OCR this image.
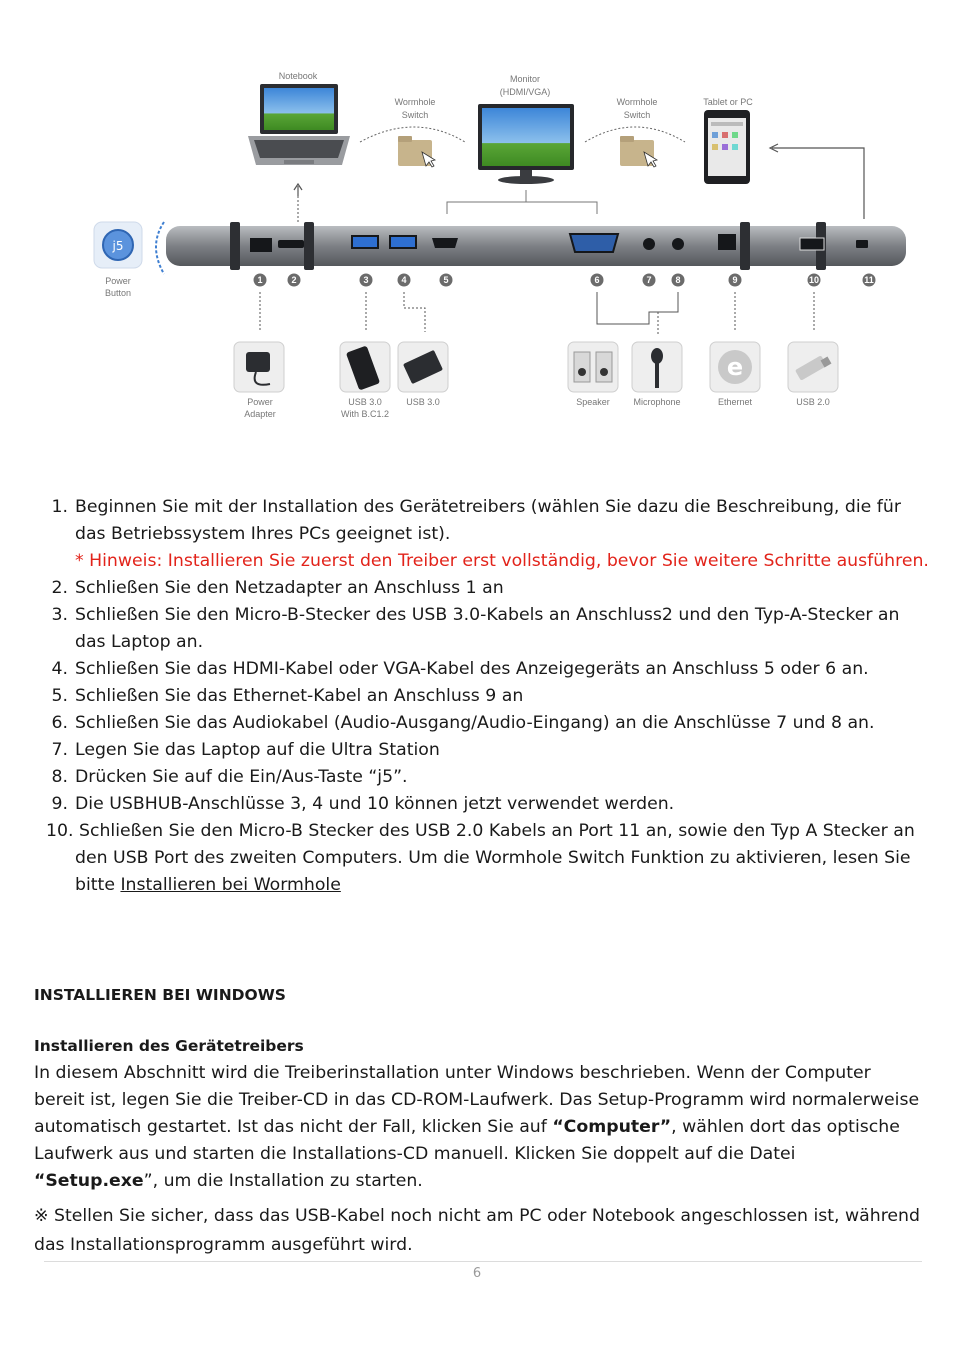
Notebook
Wormhole
Switch
Monitor
(HDMI/VGA)
Wormhole
Switch
Tablet or PC
j5
Power
Button
1	2	3	4	5	6	7	8	9	10	11
e
Power
Adapter
USB 3.0
With B.C1.2
USB 3.0	Speaker	Microphone	Ethernet	USB 2.0
1. Beginnen Sie mit der Installation des Gerätetreibers (wählen Sie dazu die Beschreibung, die für das Betriebssystem Ihres PCs geeignet ist).
* Hinweis: Installieren Sie zuerst den Treiber erst vollständig, bevor Sie weitere Schritte ausführen.
2. Schließen Sie den Netzadapter an Anschluss 1 an
3. Schließen Sie den Micro-B-Stecker des USB 3.0-Kabels an Anschluss2 und den Typ-A-Stecker an das Laptop an.
4. Schließen Sie das HDMI-Kabel oder VGA-Kabel des Anzeigegeräts an Anschluss 5 oder 6 an.
5. Schließen Sie das Ethernet-Kabel an Anschluss 9 an
6. Schließen Sie das Audiokabel (Audio-Ausgang/Audio-Eingang) an die Anschlüsse 7 und 8 an.
7. Legen Sie das Laptop auf die Ultra Station
8. Drücken Sie auf die Ein/Aus-Taste “j5”.
9. Die USBHUB-Anschlüsse 3, 4 und 10 können jetzt verwendet werden.
10. Schließen Sie den Micro-B Stecker des USB 2.0 Kabels an Port 11 an, sowie den Typ A Stecker an den USB Port des zweiten Computers. Um die Wormhole Switch Funktion zu aktivieren, lesen Sie bitte Installieren bei Wormhole
INSTALLIEREN BEI WINDOWS
Installieren des Gerätetreibers
In diesem Abschnitt wird die Treiberinstallation unter Windows beschrieben. Wenn der Computer bereit ist, legen Sie die Treiber-CD in das CD-ROM-Laufwerk. Das Setup-Programm wird normalerweise automatisch gestartet. Ist das nicht der Fall, klicken Sie auf “Computer”, wählen dort das optische Laufwerk aus und starten die Installations-CD manuell. Klicken Sie doppelt auf die Datei “Setup.exe”, um die Installation zu starten.
※ Stellen Sie sicher, dass das USB-Kabel noch nicht am PC oder Notebook angeschlossen ist, während das Installationsprogramm ausgeführt wird.
6
